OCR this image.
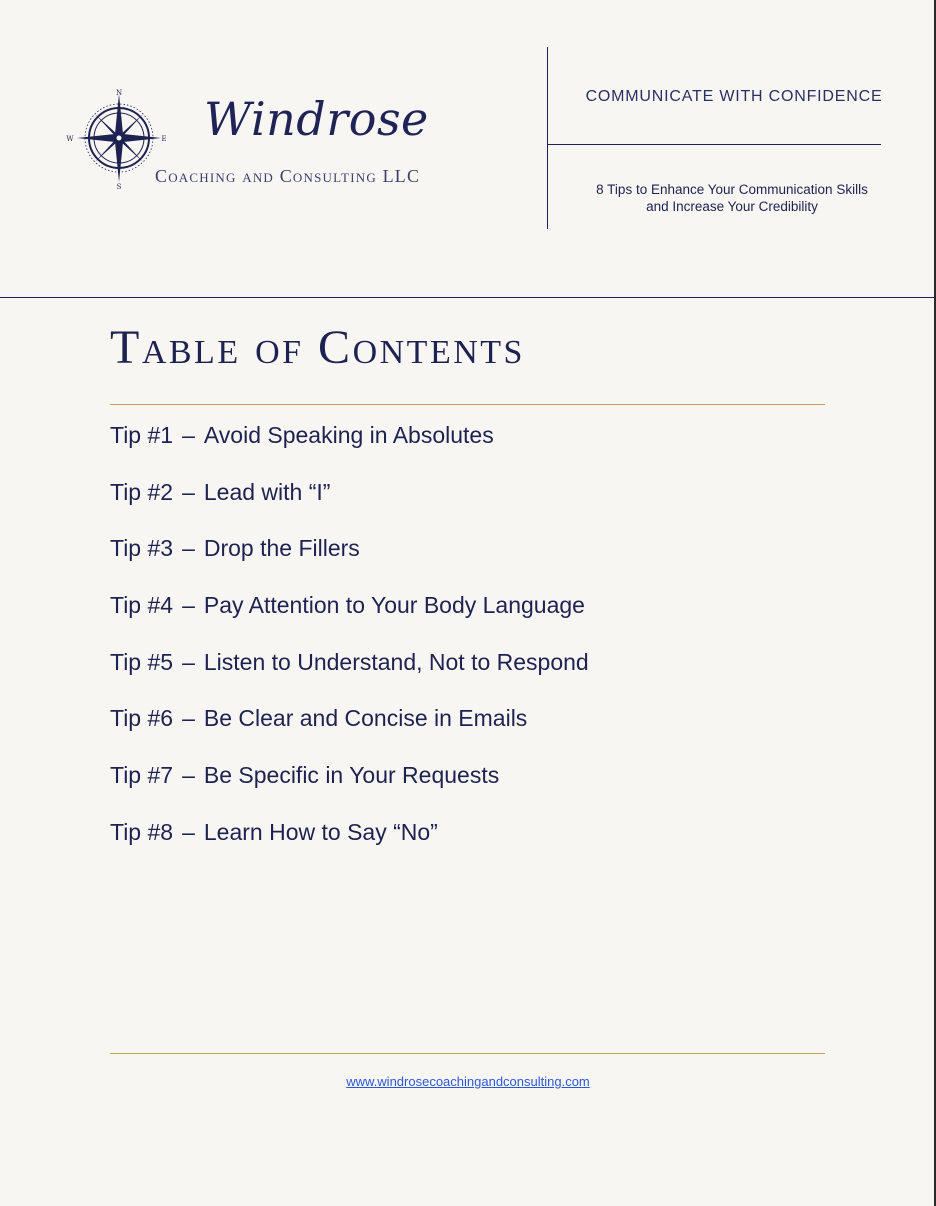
N
S
W	E Windrose
Coaching and Consulting LLC
COMMUNICATE WITH CONFIDENCE
8 Tips to Enhance Your Communication Skills
and Increase Your Credibility
Table of Contents
Tip #1 – Avoid Speaking in Absolutes
Tip #2 – Lead with “I”
Tip #3 – Drop the Fillers
Tip #4 – Pay Attention to Your Body Language
Tip #5 – Listen to Understand, Not to Respond
Tip #6 – Be Clear and Concise in Emails
Tip #7 – Be Specific in Your Requests
Tip #8 – Learn How to Say “No”
www.windrosecoachingandconsulting.com
